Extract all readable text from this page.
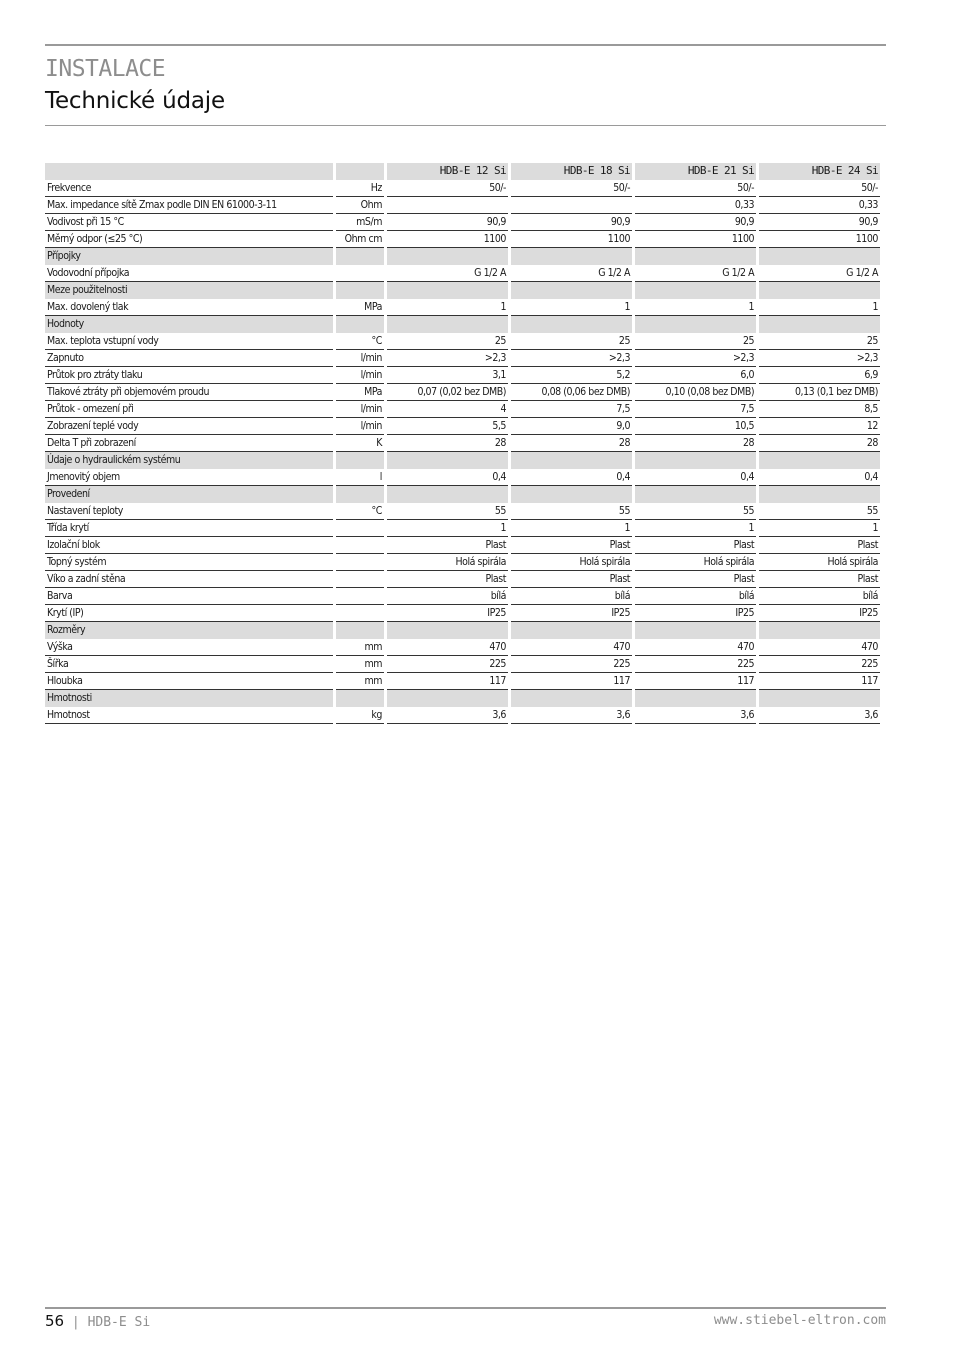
INSTALACE
Technické údaje
		HDB-E 12 Si	HDB-E 18 Si	HDB-E 21 Si	HDB-E 24 Si
Frekvence	Hz	50/-	50/-	50/-	50/-
Max. impedance sítě Zmax podle DIN EN 61000-3-11	Ohm			0,33	0,33
Vodivost při 15 °C	mS/m	90,9	90,9	90,9	90,9
Měrný odpor (≤25 °C)	Ohm cm	1100	1100	1100	1100
Přípojky					
Vodovodní přípojka		G 1/2 A	G 1/2 A	G 1/2 A	G 1/2 A
Meze použitelnosti					
Max. dovolený tlak	MPa	1	1	1	1
Hodnoty					
Max. teplota vstupní vody	°C	25	25	25	25
Zapnuto	l/min	>2,3	>2,3	>2,3	>2,3
Průtok pro ztráty tlaku	l/min	3,1	5,2	6,0	6,9
Tlakové ztráty při objemovém proudu	MPa	0,07 (0,02 bez DMB)	0,08 (0,06 bez DMB)	0,10 (0,08 bez DMB)	0,13 (0,1 bez DMB)
Průtok - omezení při	l/min	4	7,5	7,5	8,5
Zobrazení teplé vody	l/min	5,5	9,0	10,5	12
Delta T při zobrazení	K	28	28	28	28
Údaje o hydraulickém systému					
Jmenovitý objem	l	0,4	0,4	0,4	0,4
Provedení					
Nastavení teploty	°C	55	55	55	55
Třída krytí		1	1	1	1
Izolační blok		Plast	Plast	Plast	Plast
Topný systém		Holá spirála	Holá spirála	Holá spirála	Holá spirála
Víko a zadní stěna		Plast	Plast	Plast	Plast
Barva		bílá	bílá	bílá	bílá
Krytí (IP)		IP25	IP25	IP25	IP25
Rozměry					
Výška	mm	470	470	470	470
Šířka	mm	225	225	225	225
Hloubka	mm	117	117	117	117
Hmotnosti					
Hmotnost	kg	3,6	3,6	3,6	3,6
56 | HDB-E Si	www.stiebel-eltron.com
